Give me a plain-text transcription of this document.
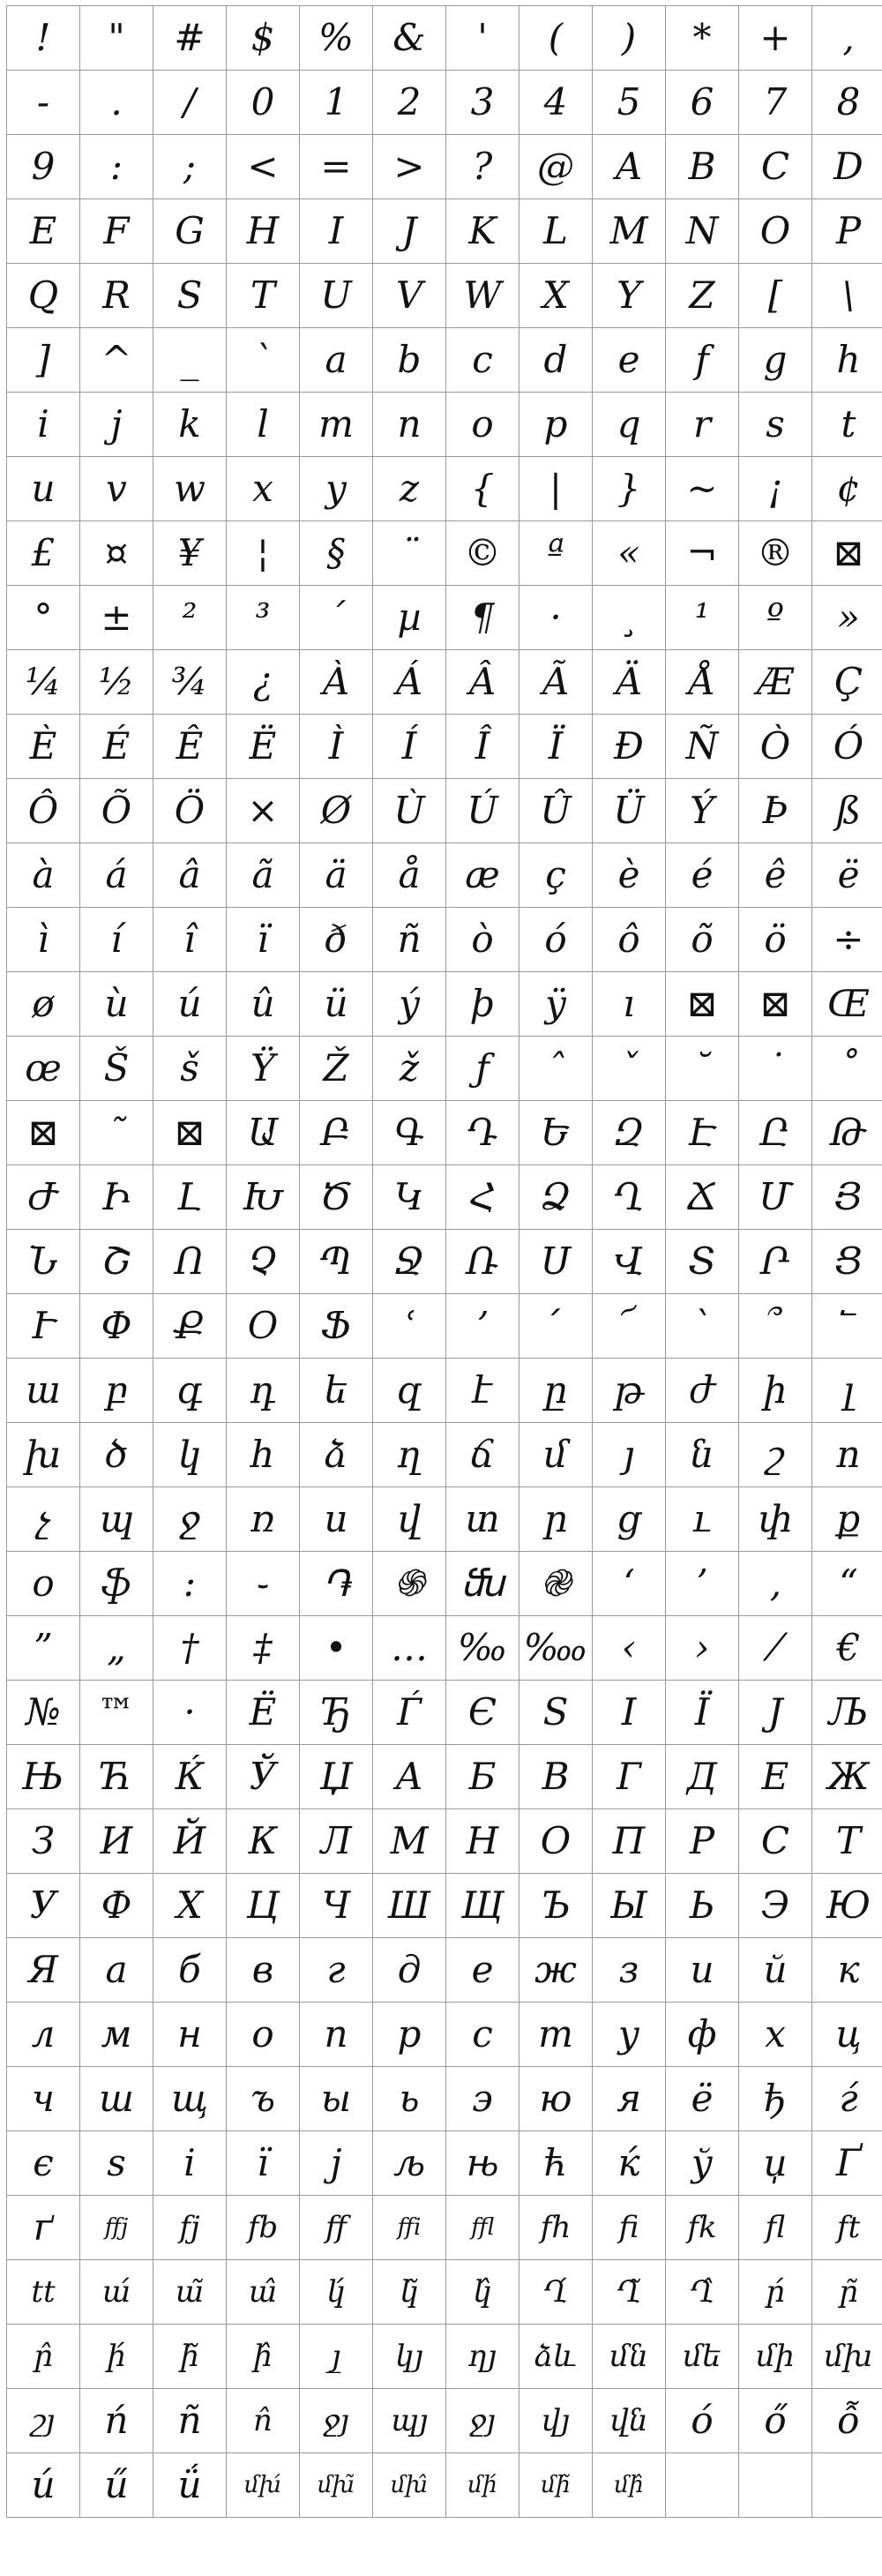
!	"	#	$	%	&	'	(	)	*	+	,
-	.	/	0	1	2	3	4	5	6	7	8
9	:	;	<	=	>	?	@	A	B	C	D
E	F	G	H	I	J	K	L	M	N	O	P
Q	R	S	T	U	V	W	X	Y	Z	[	\
]	^	_	`	a	b	c	d	e	f	g	h
i	j	k	l	m	n	o	p	q	r	s	t
u	v	w	x	y	z	{	|	}	~	¡	¢
£	¤	¥	¦	§	¨	©	ª	«	¬	®	⊠
°	±	²	³	´	µ	¶	·	¸	¹	º	»
¼	½	¾	¿	À	Á	Â	Ã	Ä	Å	Æ	Ç
È	É	Ê	Ë	Ì	Í	Î	Ï	Ð	Ñ	Ò	Ó
Ô	Õ	Ö	×	Ø	Ù	Ú	Û	Ü	Ý	Þ	ß
à	á	â	ã	ä	å	æ	ç	è	é	ê	ë
ì	í	î	ï	ð	ñ	ò	ó	ô	õ	ö	÷
ø	ù	ú	û	ü	ý	þ	ÿ	ı	⊠	⊠	Œ
œ	Š	š	Ÿ	Ž	ž	ƒ	ˆ	ˇ	˘	˙	˚
⊠	˜	⊠	Ա	Բ	Գ	Դ	Ե	Զ	Է	Ը	Թ
Ժ	Ի	Լ	Խ	Ծ	Կ	Հ	Ձ	Ղ	Ճ	Մ	Յ
Ն	Շ	Ո	Չ	Պ	Ջ	Ռ	Ս	Վ	Տ	Ր	Ց
Ւ	Փ	Ք	Օ	Ֆ	ՙ	՚	՛	՜	՝	՞	՟
ա	բ	գ	դ	ե	զ	է	ը	թ	ժ	ի	լ
խ	ծ	կ	հ	ձ	ղ	ճ	մ	յ	ն	շ	ո
չ	պ	ջ	ռ	ս	վ	տ	ր	ց	ւ	փ	ք
օ	ֆ	։	֊	֏	֍	ﬓ	֎	‘	’	‚	“
”	„	†	‡	•	…	‰	‱	‹	›	⁄	€
№	™	·	Ё	Ђ	Ѓ	Є	Ѕ	І	Ї	Ј	Љ
Њ	Ћ	Ќ	Ў	Џ	А	Б	В	Г	Д	Е	Ж
З	И	Й	К	Л	М	Н	О	П	Р	С	Т
У	Ф	Х	Ц	Ч	Ш	Щ	Ъ	Ы	Ь	Э	Ю
Я	а	б	в	г	д	е	ж	з	и	й	к
л	м	н	о	п	р	с	т	у	ф	х	ц
ч	ш	щ	ъ	ы	ь	э	ю	я	ё	ђ	ѓ
є	ѕ	і	ї	ј	љ	њ	ћ	ќ	ў	џ	Ґ
ґ	ffj	fj	fb	ff	ffi	ffl	fh	fi	fk	fl	ft
tt	ա́	ա̃	ա̂	կ́	կ̃	կ̂	Ղ́	Ղ̃	Ղ̂	ր́	ր̃
ր̂	ի́	ի̃	ի̂	յ̲	կյ	ղյ	ձև	մն	մե	մի	մխ
շյ	ń	ñ	n̂	ջյ	պյ	ջյ	վյ	վն	ó	ő	ỗ
ú	ű	ǘ	մխ́	մխ̃	մխ̂	մի́	մի̃	մի̂			
